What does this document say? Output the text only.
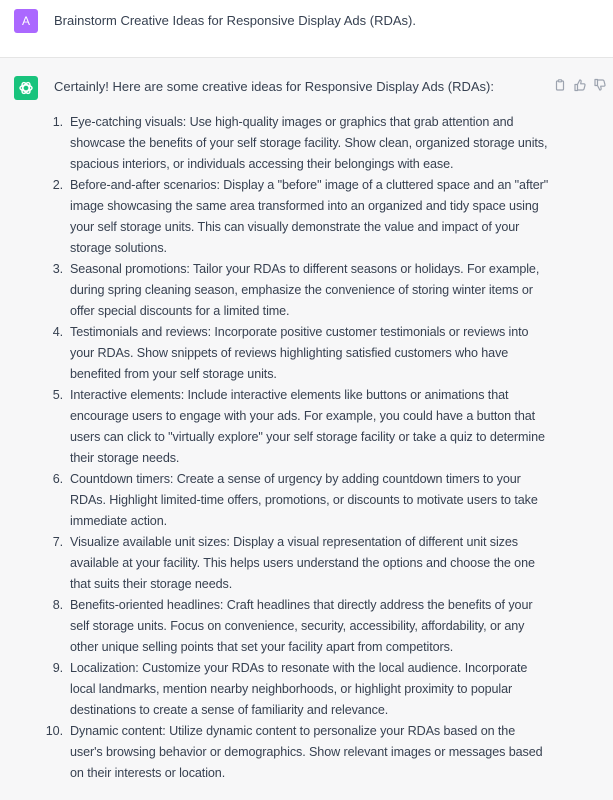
A	Brainstorm Creative Ideas for Responsive Display Ads (RDAs).
Certainly! Here are some creative ideas for Responsive Display Ads (RDAs):
1. Eye-catching visuals: Use high-quality images or graphics that grab attention and showcase the benefits of your self storage facility. Show clean, organized storage units, spacious interiors, or individuals accessing their belongings with ease.
2. Before-and-after scenarios: Display a "before" image of a cluttered space and an "after" image showcasing the same area transformed into an organized and tidy space using your self storage units. This can visually demonstrate the value and impact of your storage solutions.
3. Seasonal promotions: Tailor your RDAs to different seasons or holidays. For example, during spring cleaning season, emphasize the convenience of storing winter items or offer special discounts for a limited time.
4. Testimonials and reviews: Incorporate positive customer testimonials or reviews into your RDAs. Show snippets of reviews highlighting satisfied customers who have benefited from your self storage units.
5. Interactive elements: Include interactive elements like buttons or animations that encourage users to engage with your ads. For example, you could have a button that users can click to "virtually explore" your self storage facility or take a quiz to determine their storage needs.
6. Countdown timers: Create a sense of urgency by adding countdown timers to your RDAs. Highlight limited-time offers, promotions, or discounts to motivate users to take immediate action.
7. Visualize available unit sizes: Display a visual representation of different unit sizes available at your facility. This helps users understand the options and choose the one that suits their storage needs.
8. Benefits-oriented headlines: Craft headlines that directly address the benefits of your self storage units. Focus on convenience, security, accessibility, affordability, or any other unique selling points that set your facility apart from competitors.
9. Localization: Customize your RDAs to resonate with the local audience. Incorporate local landmarks, mention nearby neighborhoods, or highlight proximity to popular destinations to create a sense of familiarity and relevance.
10. Dynamic content: Utilize dynamic content to personalize your RDAs based on the user's browsing behavior or demographics. Show relevant images or messages based on their interests or location.
